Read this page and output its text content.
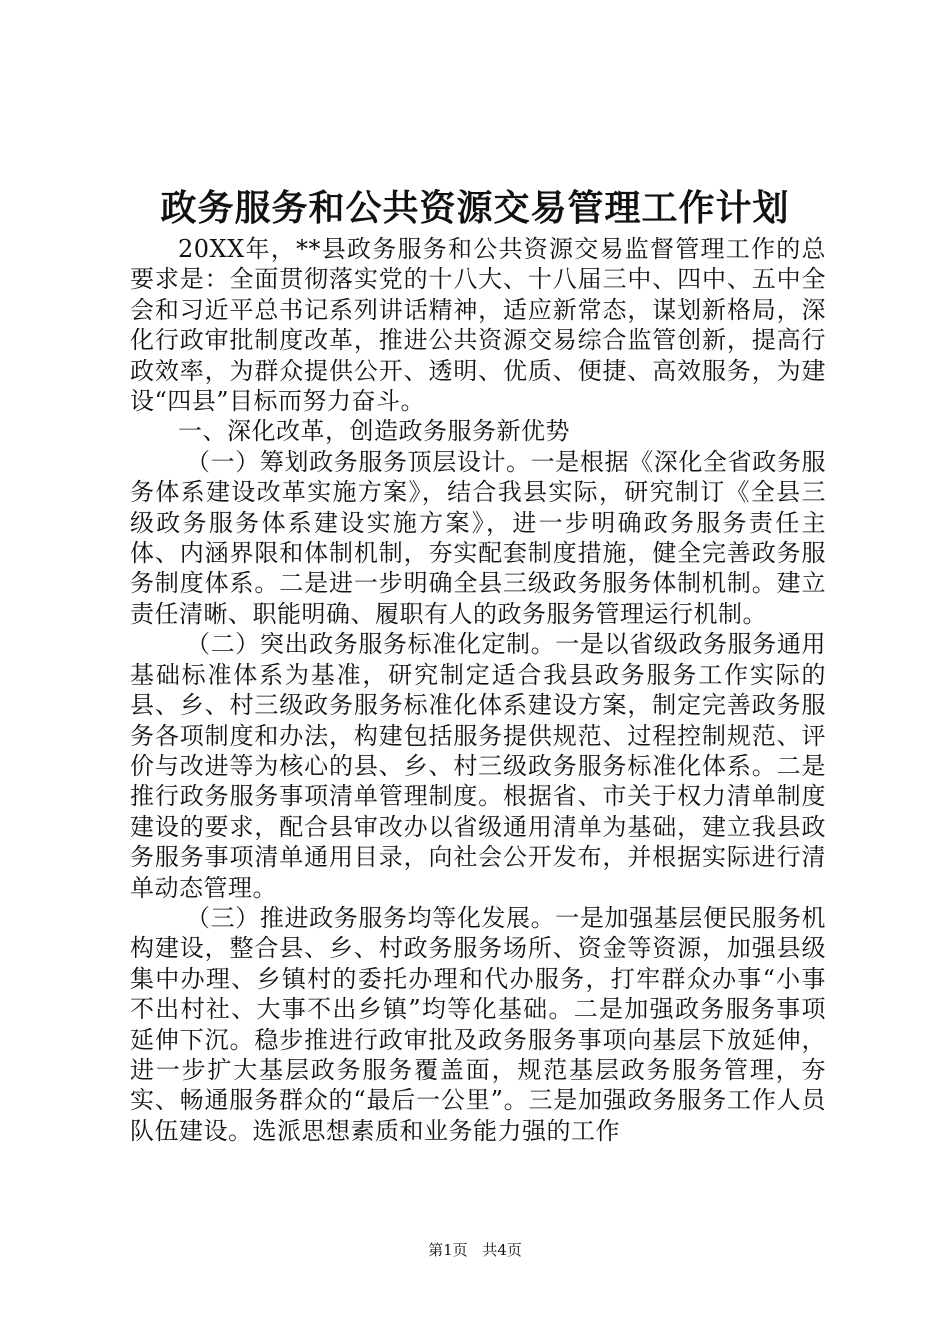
政务服务和公共资源交易管理工作计划

20XX年，**县政务服务和公共资源交易监督管理工作的总要求是：全面贯彻落实党的十八大、十八届三中、四中、五中全会和习近平总书记系列讲话精神，适应新常态，谋划新格局，深化行政审批制度改革，推进公共资源交易综合监管创新，提高行政效率，为群众提供公开、透明、优质、便捷、高效服务，为建设“四县”目标而努力奋斗。

一、深化改革，创造政务服务新优势

（一）筹划政务服务顶层设计。一是根据《深化全省政务服务体系建设改革实施方案》，结合我县实际，研究制订《全县三级政务服务体系建设实施方案》，进一步明确政务服务责任主体、内涵界限和体制机制，夯实配套制度措施，健全完善政务服务制度体系。二是进一步明确全县三级政务服务体制机制。建立责任清晰、职能明确、履职有人的政务服务管理运行机制。

（二）突出政务服务标准化定制。一是以省级政务服务通用基础标准体系为基准，研究制定适合我县政务服务工作实际的县、乡、村三级政务服务标准化体系建设方案，制定完善政务服务各项制度和办法，构建包括服务提供规范、过程控制规范、评价与改进等为核心的县、乡、村三级政务服务标准化体系。二是推行政务服务事项清单管理制度。根据省、市关于权力清单制度建设的要求，配合县审改办以省级通用清单为基础，建立我县政务服务事项清单通用目录，向社会公开发布，并根据实际进行清单动态管理。

（三）推进政务服务均等化发展。一是加强基层便民服务机构建设，整合县、乡、村政务服务场所、资金等资源，加强县级集中办理、乡镇村的委托办理和代办服务，打牢群众办事“小事不出村社、大事不出乡镇”均等化基础。二是加强政务服务事项延伸下沉。稳步推进行政审批及政务服务事项向基层下放延伸，进一步扩大基层政务服务覆盖面，规范基层政务服务管理，夯实、畅通服务群众的“最后一公里”。三是加强政务服务工作人员队伍建设。选派思想素质和业务能力强的工作

第1页 共4页
